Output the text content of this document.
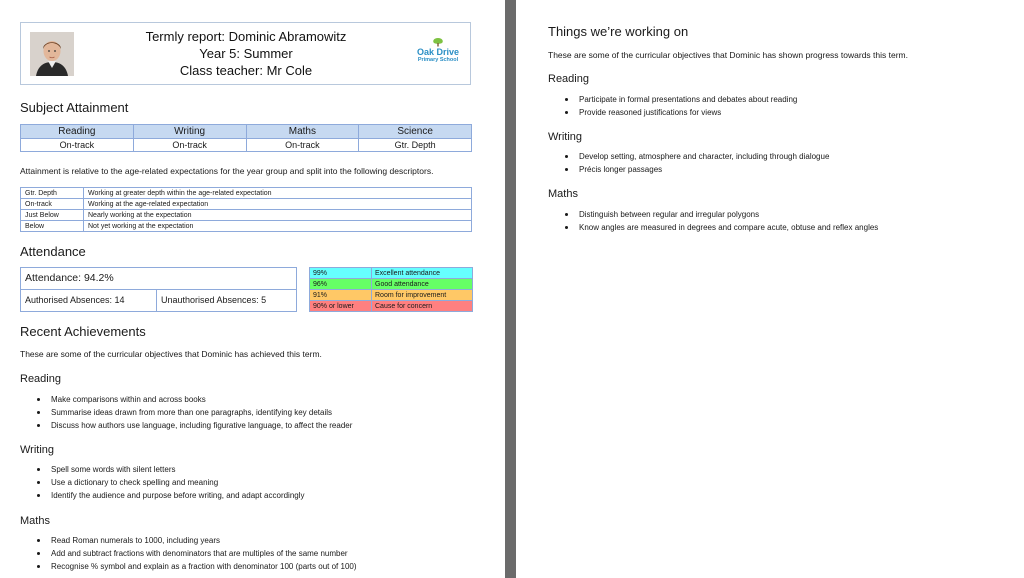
Termly report: Dominic Abramowitz
Year 5: Summer
Class teacher: Mr Cole
Oak Drive
Primary School
Subject Attainment
Reading	Writing	Maths	Science
On-track	On-track	On-track	Gtr. Depth
Attainment is relative to the age-related expectations for the year group and split into the following descriptors.
Gtr. Depth	Working at greater depth within the age-related expectation
On-track	Working at the age-related expectation
Just Below	Nearly working at the expectation
Below	Not yet working at the expectation
Attendance
Attendance: 94.2%
Authorised Absences: 14	Unauthorised Absences: 5
99%	Excellent attendance
96%	Good attendance
91%	Room for improvement
90% or lower	Cause for concern
Recent Achievements
These are some of the curricular objectives that Dominic has achieved this term.
Reading
Make comparisons within and across books
Summarise ideas drawn from more than one paragraphs, identifying key details
Discuss how authors use language, including figurative language, to affect the reader
Writing
Spell some words with silent letters
Use a dictionary to check spelling and meaning
Identify the audience and purpose before writing, and adapt accordingly
Maths
Read Roman numerals to 1000, including years
Add and subtract fractions with denominators that are multiples of the same number
Recognise % symbol and explain as a fraction with denominator 100 (parts out of 100)
Things we’re working on
These are some of the curricular objectives that Dominic has shown progress towards this term.
Reading
Participate in formal presentations and debates about reading
Provide reasoned justifications for views
Writing
Develop setting, atmosphere and character, including through dialogue
Précis longer passages
Maths
Distinguish between regular and irregular polygons
Know angles are measured in degrees and compare acute, obtuse and reflex angles
